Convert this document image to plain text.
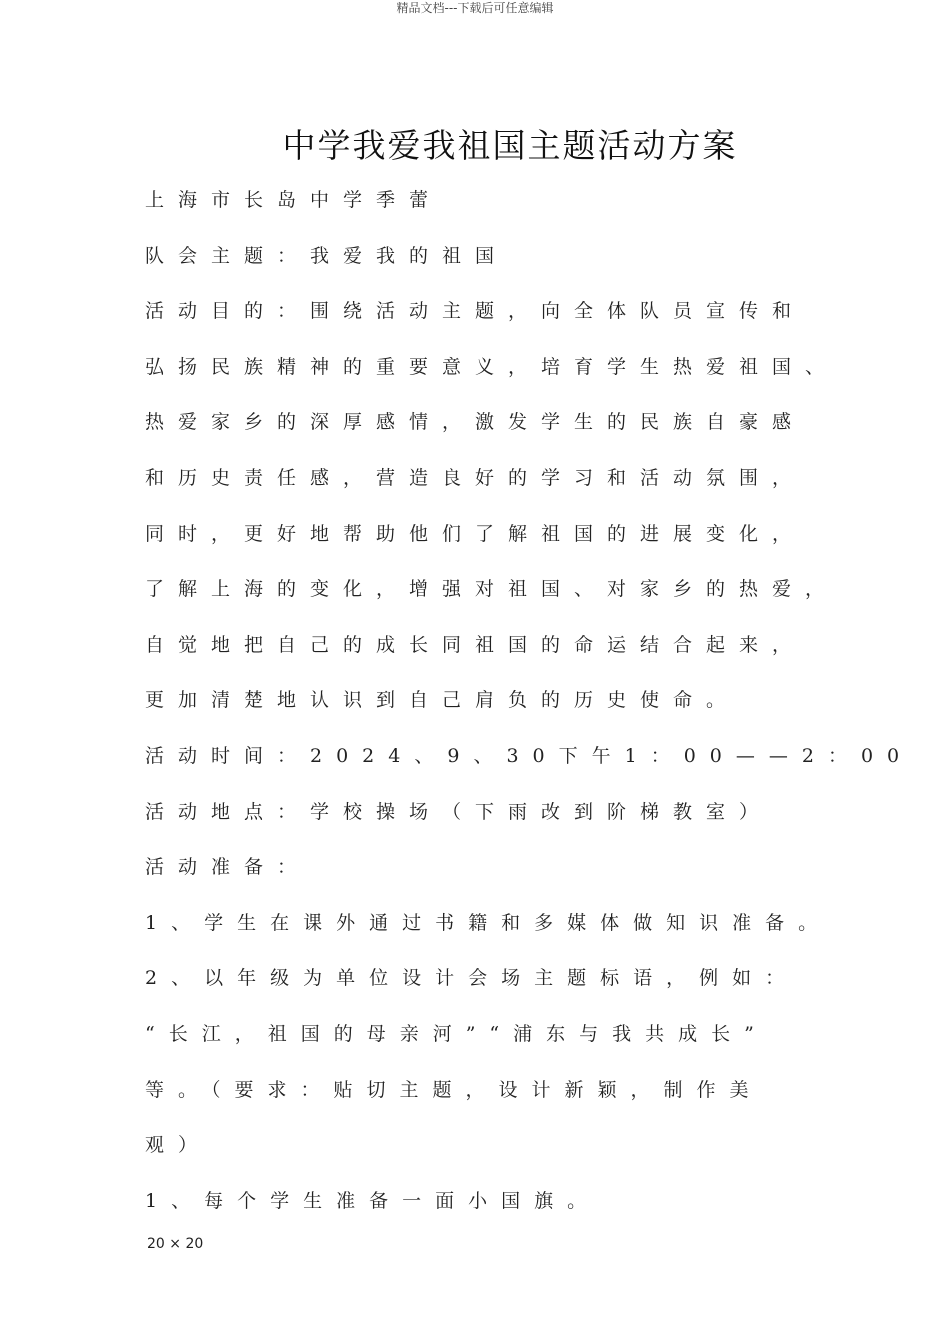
精品文档---下载后可任意编辑
中学我爱我祖国主题活动方案
上海市长岛中学季蕾
队会主题：我爱我的祖国
活动目的：围绕活动主题，向全体队员宣传和
弘扬民族精神的重要意义，培育学生热爱祖国、
热爱家乡的深厚感情，激发学生的民族自豪感
和历史责任感，营造良好的学习和活动氛围，
同时，更好地帮助他们了解祖国的进展变化，
了解上海的变化，增强对祖国、对家乡的热爱，
自觉地把自己的成长同祖国的命运结合起来，
更加清楚地认识到自己肩负的历史使命。
活动时间：2024、9、30下午1：00——2：00
活动地点：学校操场（下雨改到阶梯教室）
活动准备：
1、学生在课外通过书籍和多媒体做知识准备。
2、以年级为单位设计会场主题标语，例如：
“长江，祖国的母亲河”“浦东与我共成长”
等。（要求：贴切主题，设计新颖，制作美
观）
1、每个学生准备一面小国旗。
20 × 20
